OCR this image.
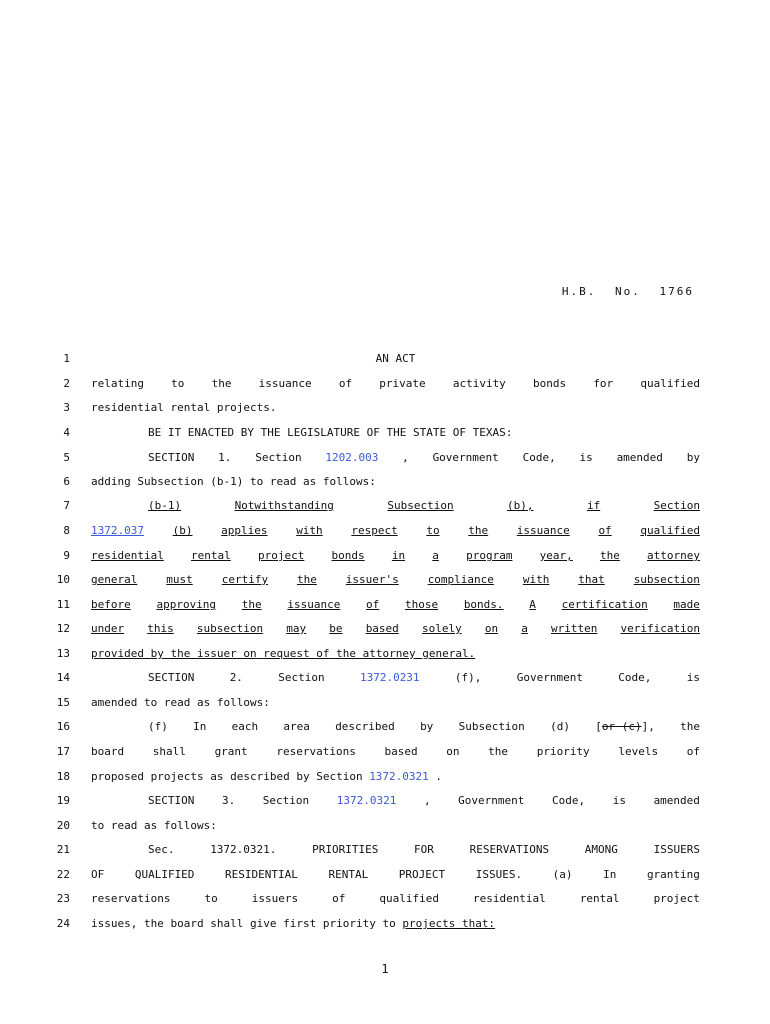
H.B. No. 1766
1	AN ACT
2 relating to the issuance of private activity bonds for qualified
3 residential rental projects.
4	BE IT ENACTED BY THE LEGISLATURE OF THE STATE OF TEXAS:
5	SECTION 1. Section 1202.003 , Government Code, is amended by
6 adding Subsection (b-1) to read as follows:
7	(b-1)	Notwithstanding	Subsection	(b),	if	Section
8 1372.037	(b)	applies	with	respect	to	the	issuance	of	qualified
9 residential rental project bonds in a program year, the attorney
10 general	must	certify	the	issuer's	compliance	with	that	subsection
11 before approving the issuance of those bonds. A certification made
12 under this subsection may be based solely on a written verification
13 provided by the issuer on request of the attorney general.
14	SECTION	2.	Section	1372.0231	(f),	Government	Code,	is
15 amended to read as follows:
16	(f) In each area described by Subsection (d) [or (c)], the
17 board	shall	grant	reservations	based	on	the	priority	levels	of
18 proposed projects as described by Section 1372.0321 .
19	SECTION	3.	Section	1372.0321	,	Government	Code,	is	amended
20 to read as follows:
21	Sec.	1372.0321.	PRIORITIES	FOR	RESERVATIONS	AMONG	ISSUERS
22 OF	QUALIFIED	RESIDENTIAL	RENTAL	PROJECT	ISSUES.	(a)	In	granting
23 reservations	to	issuers	of	qualified	residential	rental	project
24 issues, the board shall give first priority to projects that:
1
